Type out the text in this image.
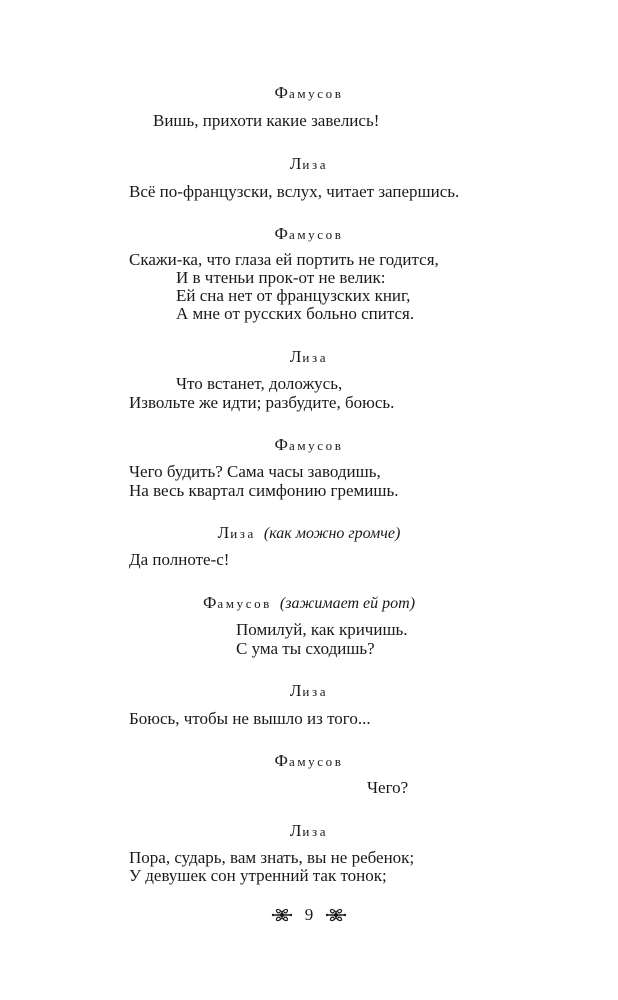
Фамусов
Вишь, прихоти какие завелись!
Лиза
Всё по-французски, вслух, читает запершись.
Фамусов
Скажи-ка, что глаза ей портить не годится,
И в чтеньи прок-от не велик:
Ей сна нет от французских книг,
А мне от русских больно спится.
Лиза
Что встанет, доложусь,
Извольте же идти; разбудите, боюсь.
Фамусов
Чего будить? Сама часы заводишь,
На весь квартал симфонию гремишь.
Лиза (как можно громче)
Да полноте-с!
Фамусов (зажимает ей рот)
Помилуй, как кричишь.
С ума ты сходишь?
Лиза
Боюсь, чтобы не вышло из того...
Фамусов
Чего?
Лиза
Пора, сударь, вам знать, вы не ребенок;
У девушек сон утренний так тонок;
9
